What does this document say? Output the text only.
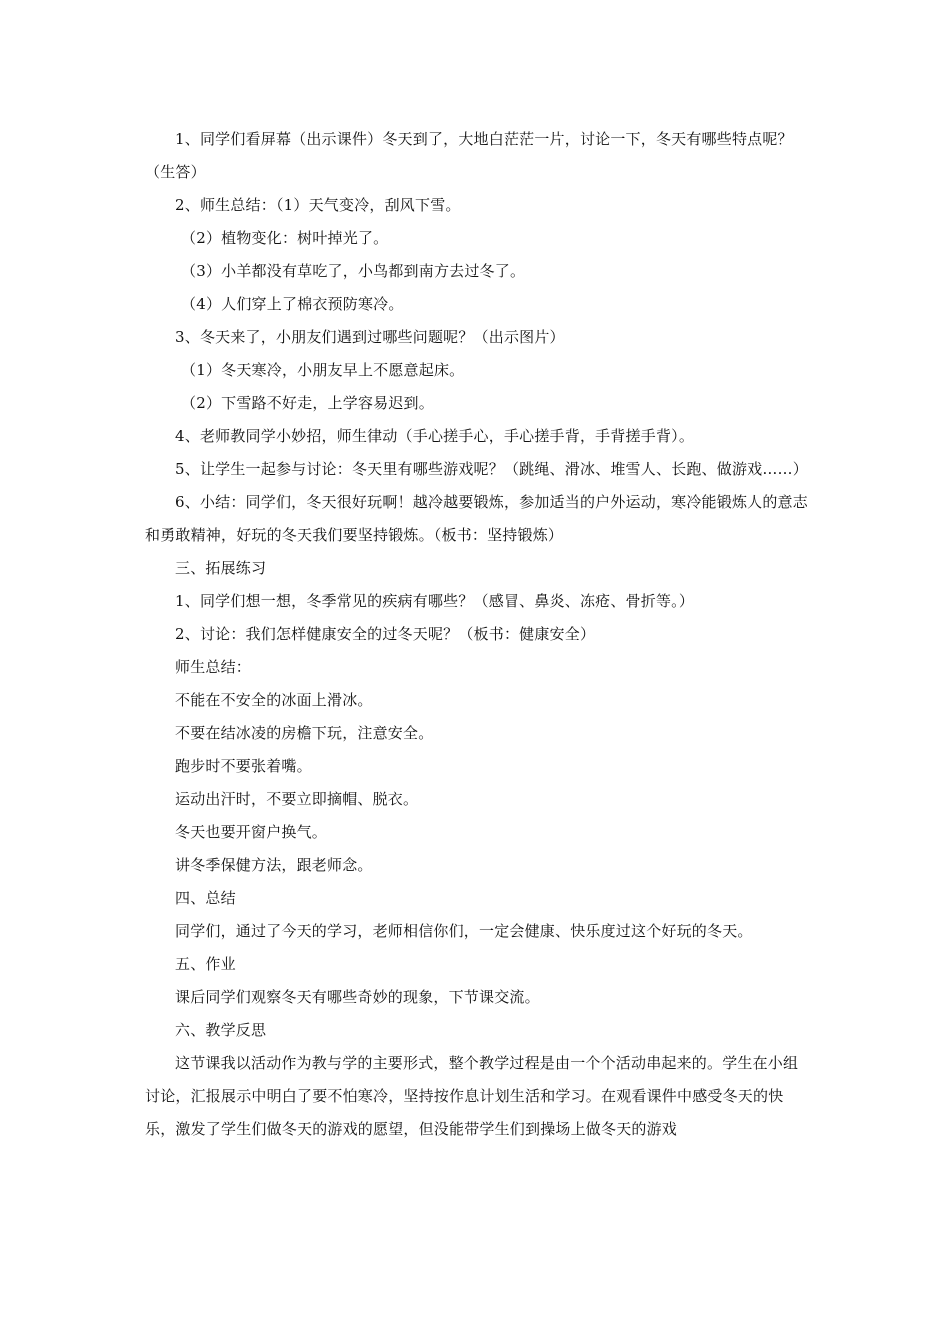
1、同学们看屏幕（出示课件）冬天到了，大地白茫茫一片，讨论一下，冬天有哪些特点呢？（生答）

2、师生总结：（1）天气变冷，刮风下雪。

（2）植物变化：树叶掉光了。

（3）小羊都没有草吃了，小鸟都到南方去过冬了。

（4）人们穿上了棉衣预防寒冷。

3、冬天来了，小朋友们遇到过哪些问题呢？（出示图片）

（1）冬天寒冷，小朋友早上不愿意起床。

（2）下雪路不好走，上学容易迟到。

4、老师教同学小妙招，师生律动（手心搓手心，手心搓手背，手背搓手背）。

5、让学生一起参与讨论：冬天里有哪些游戏呢？（跳绳、滑冰、堆雪人、长跑、做游戏……）

6、小结：同学们，冬天很好玩啊！越冷越要锻炼，参加适当的户外运动，寒冷能锻炼人的意志和勇敢精神，好玩的冬天我们要坚持锻炼。（板书：坚持锻炼）

三、拓展练习

1、同学们想一想，冬季常见的疾病有哪些？（感冒、鼻炎、冻疮、骨折等。）

2、讨论：我们怎样健康安全的过冬天呢？（板书：健康安全）

师生总结：

不能在不安全的冰面上滑冰。

不要在结冰凌的房檐下玩，注意安全。

跑步时不要张着嘴。

运动出汗时，不要立即摘帽、脱衣。

冬天也要开窗户换气。

讲冬季保健方法，跟老师念。

四、总结

同学们，通过了今天的学习，老师相信你们，一定会健康、快乐度过这个好玩的冬天。

五、作业

课后同学们观察冬天有哪些奇妙的现象，下节课交流。

六、教学反思

这节课我以活动作为教与学的主要形式，整个教学过程是由一个个活动串起来的。学生在小组讨论，汇报展示中明白了要不怕寒冷，坚持按作息计划生活和学习。在观看课件中感受冬天的快乐，激发了学生们做冬天的游戏的愿望，但没能带学生们到操场上做冬天的游戏
